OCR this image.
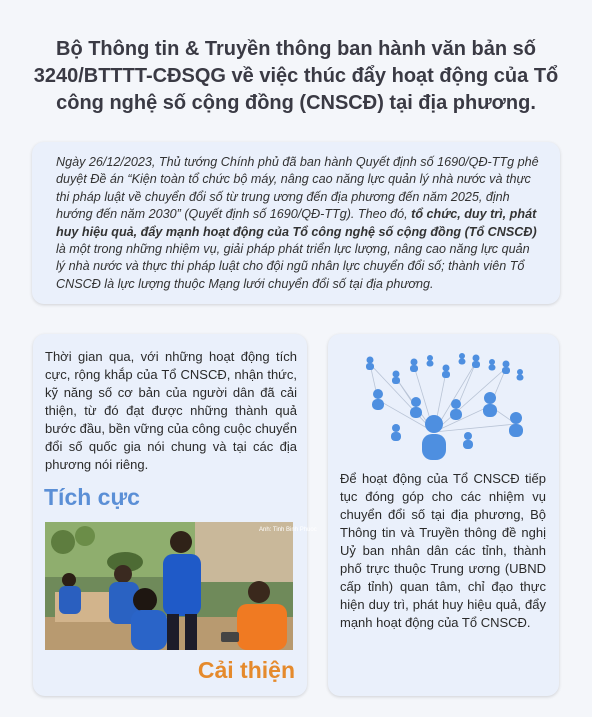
Bộ Thông tin & Truyền thông ban hành văn bản số 3240/BTTTT-CĐSQG về việc thúc đẩy hoạt động của Tổ công nghệ số cộng đồng (CNSCĐ) tại địa phương.
Ngày 26/12/2023, Thủ tướng Chính phủ đã ban hành Quyết định số 1690/QĐ-TTg phê duyệt Đề án “Kiện toàn tổ chức bộ máy, nâng cao năng lực quản lý nhà nước và thực thi pháp luật về chuyển đổi số từ trung ương đến địa phương đến năm 2025, định hướng đến năm 2030” (Quyết định số 1690/QĐ-TTg). Theo đó, tổ chức, duy trì, phát huy hiệu quả, đẩy mạnh hoạt động của Tổ công nghệ số cộng đồng (Tổ CNSCĐ) là một trong những nhiệm vụ, giải pháp phát triển lực lượng, nâng cao năng lực quản lý nhà nước và thực thi pháp luật cho đội ngũ nhân lực chuyển đổi số; thành viên Tổ CNSCĐ là lực lượng thuộc Mạng lưới chuyển đổi số tại địa phương.
Thời gian qua, với những hoạt động tích cực, rộng khắp của Tổ CNSCĐ, nhận thức, kỹ năng số cơ bản của người dân đã cải thiện, từ đó đạt được những thành quả bước đầu, bền vững của công cuộc chuyển đổi số quốc gia nói chung và tại các địa phương nói riêng.
Tích cực
Anh: Tinh Binh Phuoc
Cải thiện
Để hoạt động của Tổ CNSCĐ tiếp tục đóng góp cho các nhiệm vụ chuyển đổi số tại địa phương, Bộ Thông tin và Truyền thông đề nghị Uỷ ban nhân dân các tỉnh, thành phố trực thuộc Trung ương (UBND cấp tỉnh) quan tâm, chỉ đạo thực hiện duy trì, phát huy hiệu quả, đẩy mạnh hoạt động của Tổ CNSCĐ.
